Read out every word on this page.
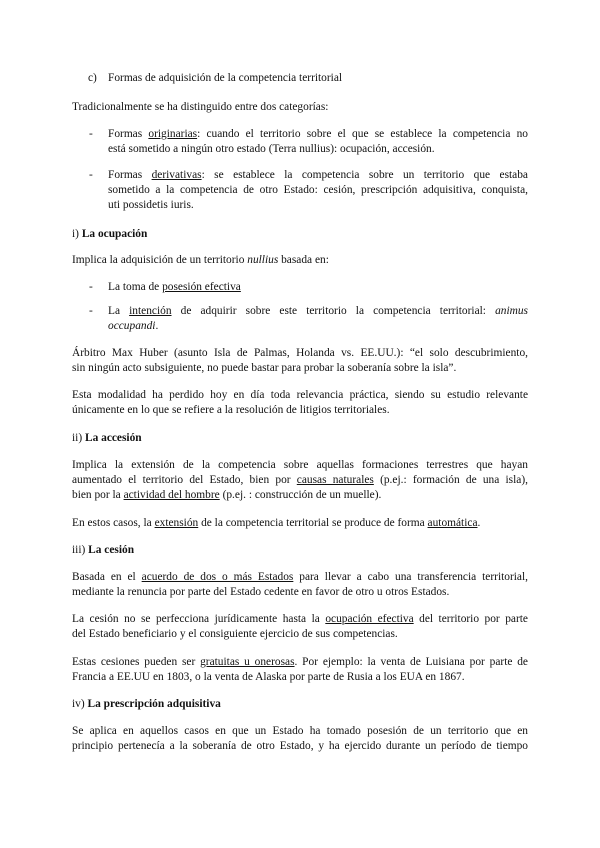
c) Formas de adquisición de la competencia territorial
Tradicionalmente se ha distinguido entre dos categorías:
- Formas originarias: cuando el territorio sobre el que se establece la competencia no
está sometido a ningún otro estado (Terra nullius): ocupación, accesión.
- Formas derivativas: se establece la competencia sobre un territorio que estaba
sometido a la competencia de otro Estado: cesión, prescripción adquisitiva, conquista,
uti possidetis iuris.
i) La ocupación
Implica la adquisición de un territorio nullius basada en:
- La toma de posesión efectiva
- La intención de adquirir sobre este territorio la competencia territorial: animus
occupandi.
Árbitro Max Huber (asunto Isla de Palmas, Holanda vs. EE.UU.): “el solo descubrimiento,
sin ningún acto subsiguiente, no puede bastar para probar la soberanía sobre la isla”.
Esta modalidad ha perdido hoy en día toda relevancia práctica, siendo su estudio relevante
únicamente en lo que se refiere a la resolución de litigios territoriales.
ii) La accesión
Implica la extensión de la competencia sobre aquellas formaciones terrestres que hayan
aumentado el territorio del Estado, bien por causas naturales (p.ej.: formación de una isla),
bien por la actividad del hombre (p.ej. : construcción de un muelle).
En estos casos, la extensión de la competencia territorial se produce de forma automática.
iii) La cesión
Basada en el acuerdo de dos o más Estados para llevar a cabo una transferencia territorial,
mediante la renuncia por parte del Estado cedente en favor de otro u otros Estados.
La cesión no se perfecciona jurídicamente hasta la ocupación efectiva del territorio por parte
del Estado beneficiario y el consiguiente ejercicio de sus competencias.
Estas cesiones pueden ser gratuitas u onerosas. Por ejemplo: la venta de Luisiana por parte de
Francia a EE.UU en 1803, o la venta de Alaska por parte de Rusia a los EUA en 1867.
iv) La prescripción adquisitiva
Se aplica en aquellos casos en que un Estado ha tomado posesión de un territorio que en
principio pertenecía a la soberanía de otro Estado, y ha ejercido durante un período de tiempo
